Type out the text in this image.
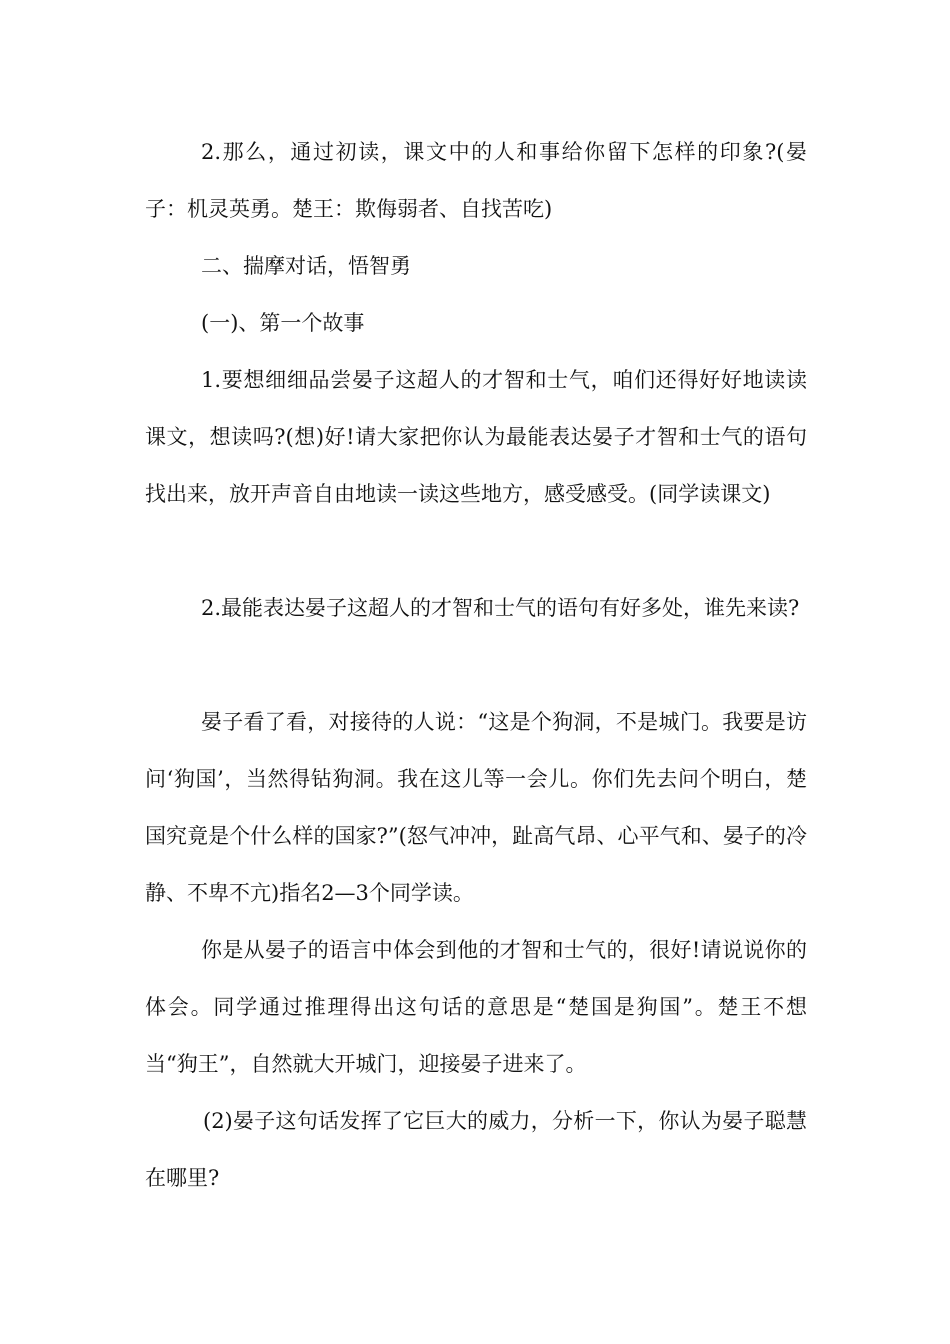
2.那么，通过初读，课文中的人和事给你留下怎样的印象?(晏子：机灵英勇。楚王：欺侮弱者、自找苦吃)

二、揣摩对话，悟智勇

(一)、第一个故事

1.要想细细品尝晏子这超人的才智和士气，咱们还得好好地读读课文，想读吗?(想)好!请大家把你认为最能表达晏子才智和士气的语句找出来，放开声音自由地读一读这些地方，感受感受。(同学读课文)

2.最能表达晏子这超人的才智和士气的语句有好多处，谁先来读?

晏子看了看，对接待的人说：“这是个狗洞，不是城门。我要是访问‘狗国’，当然得钻狗洞。我在这儿等一会儿。你们先去问个明白，楚国究竟是个什么样的国家?”(怒气冲冲，趾高气昂、心平气和、晏子的冷静、不卑不亢)指名2—3个同学读。

你是从晏子的语言中体会到他的才智和士气的，很好!请说说你的体会。同学通过推理得出这句话的意思是“楚国是狗国”。楚王不想当“狗王”，自然就大开城门，迎接晏子进来了。

(2)晏子这句话发挥了它巨大的威力，分析一下，你认为晏子聪慧在哪里?
